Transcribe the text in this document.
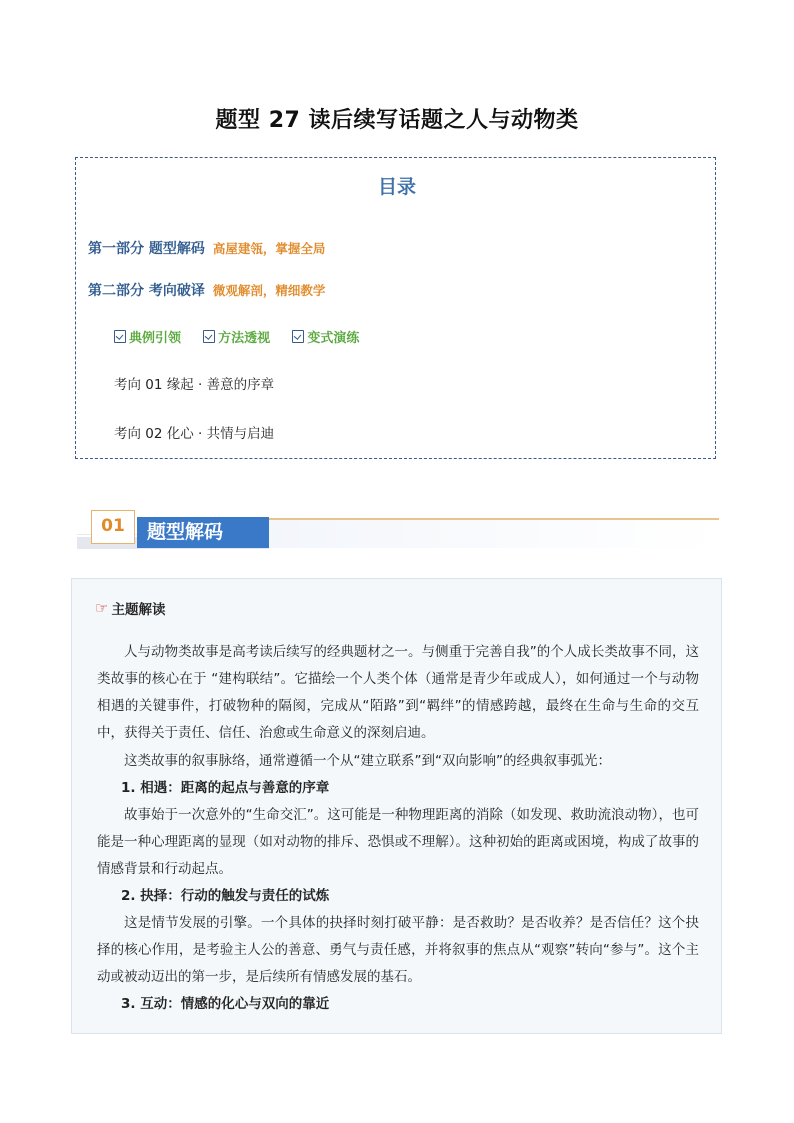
题型 27 读后续写话题之人与动物类
目录
第一部分 题型解码 高屋建瓴，掌握全局
第二部分 考向破译 微观解剖，精细教学
典例引领
	方法透视
	变式演练
考向 01 缘起 · 善意的序章
考向 02 化心 · 共情与启迪
题型解码
01
☞ 主题解读
人与动物类故事是高考读后续写的经典题材之一。与侧重于完善自我”的个人成长类故事不同，这类故事的核心在于 “建构联结”。它描绘一个人类个体（通常是青少年或成人），如何通过一个与动物相遇的关键事件，打破物种的隔阂，完成从“陌路”到“羁绊”的情感跨越，最终在生命与生命的交互中，获得关于责任、信任、治愈或生命意义的深刻启迪。
这类故事的叙事脉络，通常遵循一个从“建立联系”到“双向影响”的经典叙事弧光：
1. 相遇：距离的起点与善意的序章
故事始于一次意外的“生命交汇”。这可能是一种物理距离的消除（如发现、救助流浪动物），也可能是一种心理距离的显现（如对动物的排斥、恐惧或不理解）。这种初始的距离或困境，构成了故事的情感背景和行动起点。
2. 抉择：行动的触发与责任的试炼
这是情节发展的引擎。一个具体的抉择时刻打破平静：是否救助？是否收养？是否信任？这个抉择的核心作用，是考验主人公的善意、勇气与责任感，并将叙事的焦点从“观察”转向“参与”。这个主动或被动迈出的第一步，是后续所有情感发展的基石。
3. 互动：情感的化心与双向的靠近
